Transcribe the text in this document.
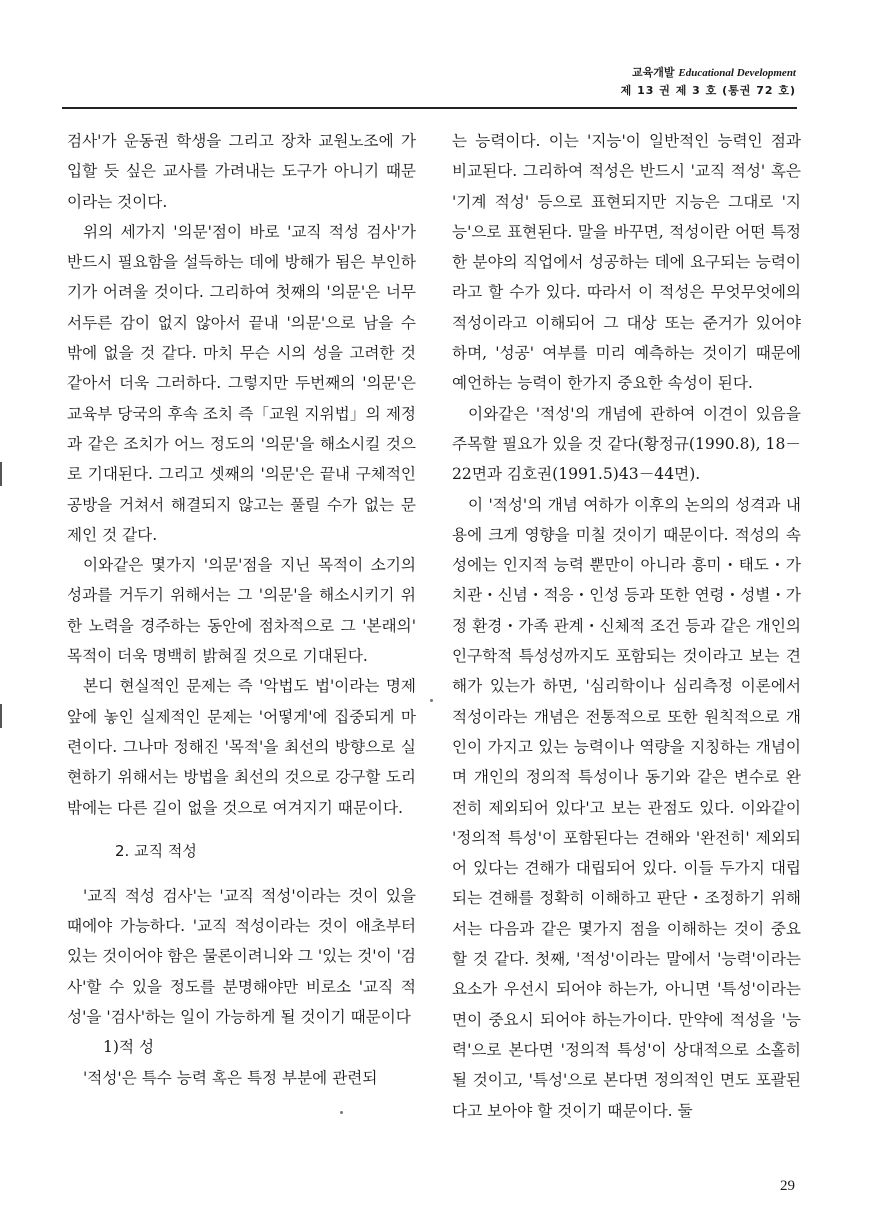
교육개발 Educational Development
제 13 권 제 3 호 (통권 72 호)

검사'가 운동권 학생을 그리고 장차 교원노조에 가입할 듯 싶은 교사를 가려내는 도구가 아니기 때문이라는 것이다.

위의 세가지 '의문'점이 바로 '교직 적성 검사'가 반드시 필요함을 설득하는 데에 방해가 됨은 부인하기가 어려울 것이다. 그리하여 첫째의 '의문'은 너무 서두른 감이 없지 않아서 끝내 '의문'으로 남을 수 밖에 없을 것 같다. 마치 무슨 시의 성을 고려한 것 같아서 더욱 그러하다. 그렇지만 두번째의 '의문'은 교육부 당국의 후속 조치 즉「교원 지위법」의 제정과 같은 조치가 어느 정도의 '의문'을 해소시킬 것으로 기대된다. 그리고 셋째의 '의문'은 끝내 구체적인 공방을 거쳐서 해결되지 않고는 풀릴 수가 없는 문제인 것 같다.

이와같은 몇가지 '의문'점을 지닌 목적이 소기의 성과를 거두기 위해서는 그 '의문'을 해소시키기 위한 노력을 경주하는 동안에 점차적으로 그 '본래의' 목적이 더욱 명백히 밝혀질 것으로 기대된다.

본디 현실적인 문제는 즉 '악법도 법'이라는 명제 앞에 놓인 실제적인 문제는 '어떻게'에 집중되게 마련이다. 그나마 정해진 '목적'을 최선의 방향으로 실현하기 위해서는 방법을 최선의 것으로 강구할 도리 밖에는 다른 길이 없을 것으로 여겨지기 때문이다.

2. 교직 적성

'교직 적성 검사'는 '교직 적성'이라는 것이 있을 때에야 가능하다. '교직 적성이라는 것이 애초부터 있는 것이어야 함은 물론이려니와 그 '있는 것'이 '검사'할 수 있을 정도를 분명해야만 비로소 '교직 적성'을 '검사'하는 일이 가능하게 될 것이기 때문이다

1)적 성

'적성'은 특수 능력 혹은 특정 부분에 관련되

는 능력이다. 이는 '지능'이 일반적인 능력인 점과 비교된다. 그리하여 적성은 반드시 '교직 적성' 혹은 '기계 적성' 등으로 표현되지만 지능은 그대로 '지능'으로 표현된다. 말을 바꾸면, 적성이란 어떤 특정한 분야의 직업에서 성공하는 데에 요구되는 능력이라고 할 수가 있다. 따라서 이 적성은 무엇무엇에의 적성이라고 이해되어 그 대상 또는 준거가 있어야 하며, '성공' 여부를 미리 예측하는 것이기 때문에 예언하는 능력이 한가지 중요한 속성이 된다.

이와같은 '적성'의 개념에 관하여 이견이 있음을 주목할 필요가 있을 것 같다(황정규(1990.8), 18－22면과 김호권(1991.5)43－44면).

이 '적성'의 개념 여하가 이후의 논의의 성격과 내용에 크게 영향을 미칠 것이기 때문이다. 적성의 속성에는 인지적 능력 뿐만이 아니라 흥미・태도・가치관・신념・적응・인성 등과 또한 연령・성별・가정 환경・가족 관계・신체적 조건 등과 같은 개인의 인구학적 특성성까지도 포함되는 것이라고 보는 견해가 있는가 하면, '심리학이나 심리측정 이론에서 적성이라는 개념은 전통적으로 또한 원칙적으로 개인이 가지고 있는 능력이나 역량을 지칭하는 개념이며 개인의 정의적 특성이나 동기와 같은 변수로 완전히 제외되어 있다'고 보는 관점도 있다. 이와같이 '정의적 특성'이 포함된다는 견해와 '완전히' 제외되어 있다는 견해가 대립되어 있다. 이들 두가지 대립되는 견해를 정확히 이해하고 판단・조정하기 위해서는 다음과 같은 몇가지 점을 이해하는 것이 중요할 것 같다. 첫째, '적성'이라는 말에서 '능력'이라는 요소가 우선시 되어야 하는가, 아니면 '특성'이라는 면이 중요시 되어야 하는가이다. 만약에 적성을 '능력'으로 본다면 '정의적 특성'이 상대적으로 소홀히 될 것이고, '특성'으로 본다면 정의적인 면도 포괄된다고 보아야 할 것이기 때문이다. 둘

29
